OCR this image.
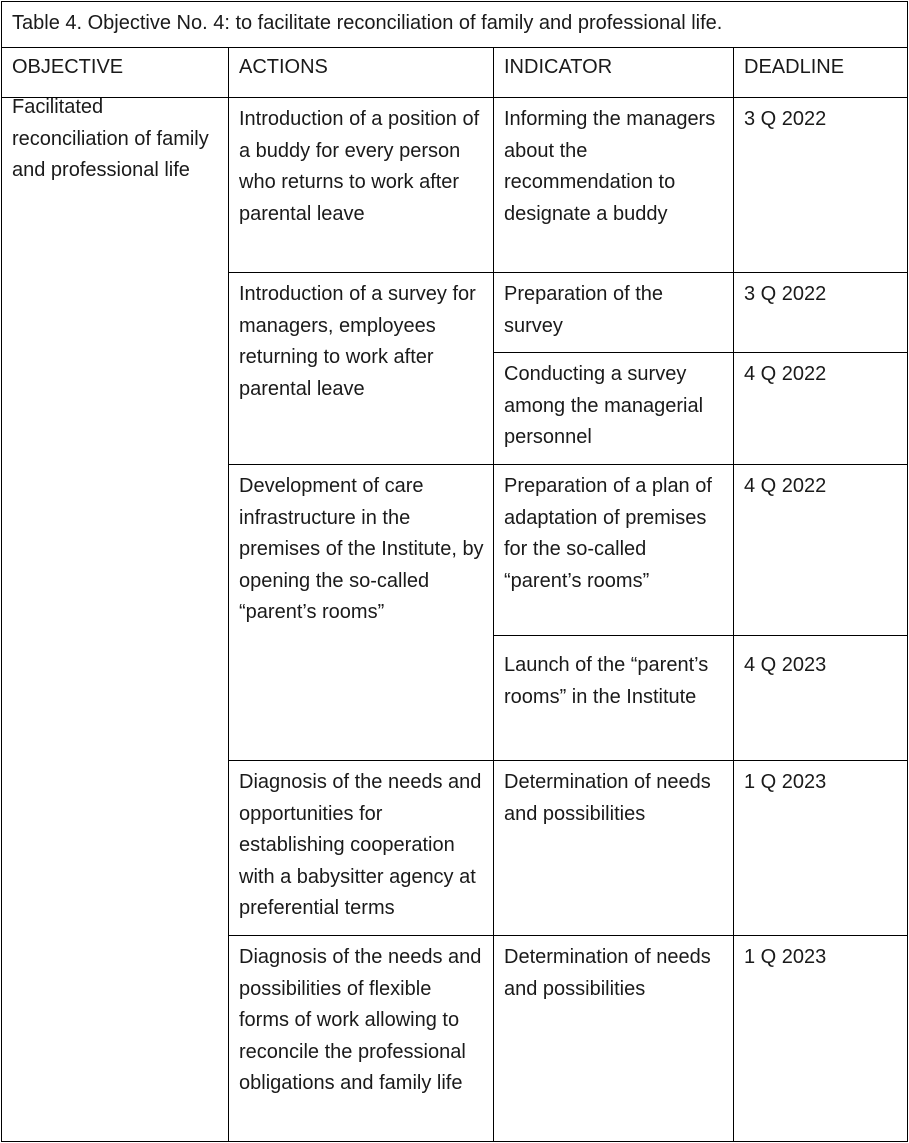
Table 4. Objective No. 4: to facilitate reconciliation of family and professional life.			
OBJECTIVE	ACTIONS	INDICATOR	DEADLINE

Facilitated reconciliation of family and professional life	Introduction of a position of a buddy for every person who returns to work after parental leave	Informing the managers about the recommendation to designate a buddy	3 Q 2022
	Introduction of a survey for managers, employees returning to work after parental leave	Preparation of the survey	3 Q 2022
		Conducting a survey among the managerial personnel	4 Q 2022
	Development of care infrastructure in the premises of the Institute, by opening the so-called “parent’s rooms”	Preparation of a plan of adaptation of premises for the so-called “parent’s rooms”	4 Q 2022
		Launch of the “parent’s rooms” in the Institute	4 Q 2023
	Diagnosis of the needs and opportunities for establishing cooperation with a babysitter agency at preferential terms	Determination of needs and possibilities	1 Q 2023
	Diagnosis of the needs and possibilities of flexible forms of work allowing to reconcile the professional obligations and family life	Determination of needs and possibilities	1 Q 2023
